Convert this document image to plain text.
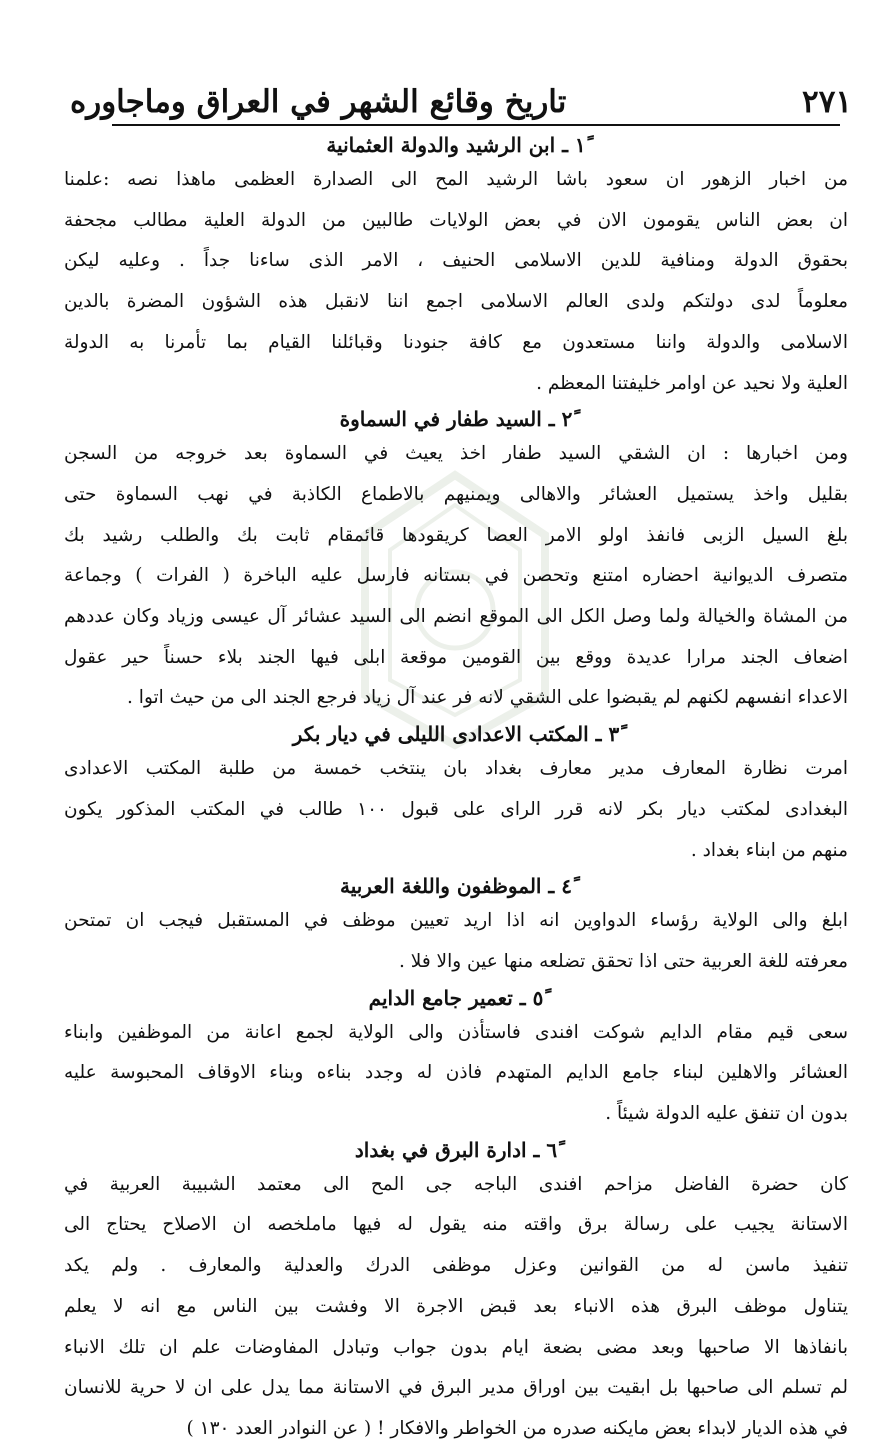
تاريخ وقائع الشهر في العراق وماجاوره	٢٧١
١ً ـ ابن الرشيد والدولة العثمانية
من اخبار الزهور ان سعود باشا الرشيد المح الى الصدارة العظمى ماهذا نصه :علمنا
ان بعض الناس يقومون الان في بعض الولايات طالبين من الدولة العلية مطالب مجحفة
بحقوق الدولة ومنافية للدين الاسلامى الحنيف ، الامر الذى ساءنا جداً . وعليه ليكن
معلوماً لدى دولتكم ولدى العالم الاسلامى اجمع اننا لانقبل هذه الشؤون المضرة بالدين
الاسلامى والدولة واننا مستعدون مع كافة جنودنا وقبائلنا القيام بما تأمرنا به الدولة
العلية ولا نحيد عن اوامر خليفتنا المعظم .
٢ً ـ السيد طفار في السماوة
ومن اخبارها : ان الشقي السيد طفار اخذ يعيث في السماوة بعد خروجه من السجن
بقليل واخذ يستميل العشائر والاهالى ويمنيهم بالاطماع الكاذبة في نهب السماوة حتى
بلغ السيل الزبى فانفذ اولو الامر العصا كريقودها قائمقام ثابت بك والطلب رشيد بك
متصرف الديوانية احضاره امتنع وتحصن في بستانه فارسل عليه الباخرة ( الفرات ) وجماعة
من المشاة والخيالة ولما وصل الكل الى الموقع انضم الى السيد عشائر آل عيسى وزياد وكان عددهم
اضعاف الجند مرارا عديدة ووقع بين القومين موقعة ابلى فيها الجند بلاء حسناً حير عقول
الاعداء انفسهم لكنهم لم يقبضوا على الشقي لانه فر عند آل زياد فرجع الجند الى من حيث اتوا .
٣ً ـ المكتب الاعدادى الليلى في ديار بكر
امرت نظارة المعارف مدير معارف بغداد بان ينتخب خمسة من طلبة المكتب الاعدادى
البغدادى لمكتب ديار بكر لانه قرر الراى على قبول ١٠٠ طالب في المكتب المذكور يكون
منهم من ابناء بغداد .
٤ً ـ الموظفون واللغة العربية
ابلغ والى الولاية رؤساء الدواوين انه اذا اريد تعيين موظف في المستقبل فيجب ان تمتحن
معرفته للغة العربية حتى اذا تحقق تضلعه منها عين والا فلا .
٥ً ـ تعمير جامع الدايم
سعى قيم مقام الدايم شوكت افندى فاستأذن والى الولاية لجمع اعانة من الموظفين وابناء
العشائر والاهلين لبناء جامع الدايم المتهدم فاذن له وجدد بناءه وبناء الاوقاف المحبوسة عليه
بدون ان تنفق عليه الدولة شيئاً .
٦ً ـ ادارة البرق في بغداد
كان حضرة الفاضل مزاحم افندى الباجه جى المح الى معتمد الشبيبة العربية في
الاستانة يجيب على رسالة برق واقته منه يقول له فيها ماملخصه ان الاصلاح يحتاج الى
تنفيذ ماسن له من القوانين وعزل موظفى الدرك والعدلية والمعارف . ولم يكد
يتناول موظف البرق هذه الانباء بعد قبض الاجرة الا وفشت بين الناس مع انه لا يعلم
بانفاذها الا صاحبها وبعد مضى بضعة ايام بدون جواب وتبادل المفاوضات علم ان تلك الانباء
لم تسلم الى صاحبها بل ابقيت بين اوراق مدير البرق في الاستانة مما يدل على ان لا حرية للانسان
في هذه الديار لابداء بعض مايكنه صدره من الخواطر والافكار ! ( عن النوادر العدد ١٣٠ )
